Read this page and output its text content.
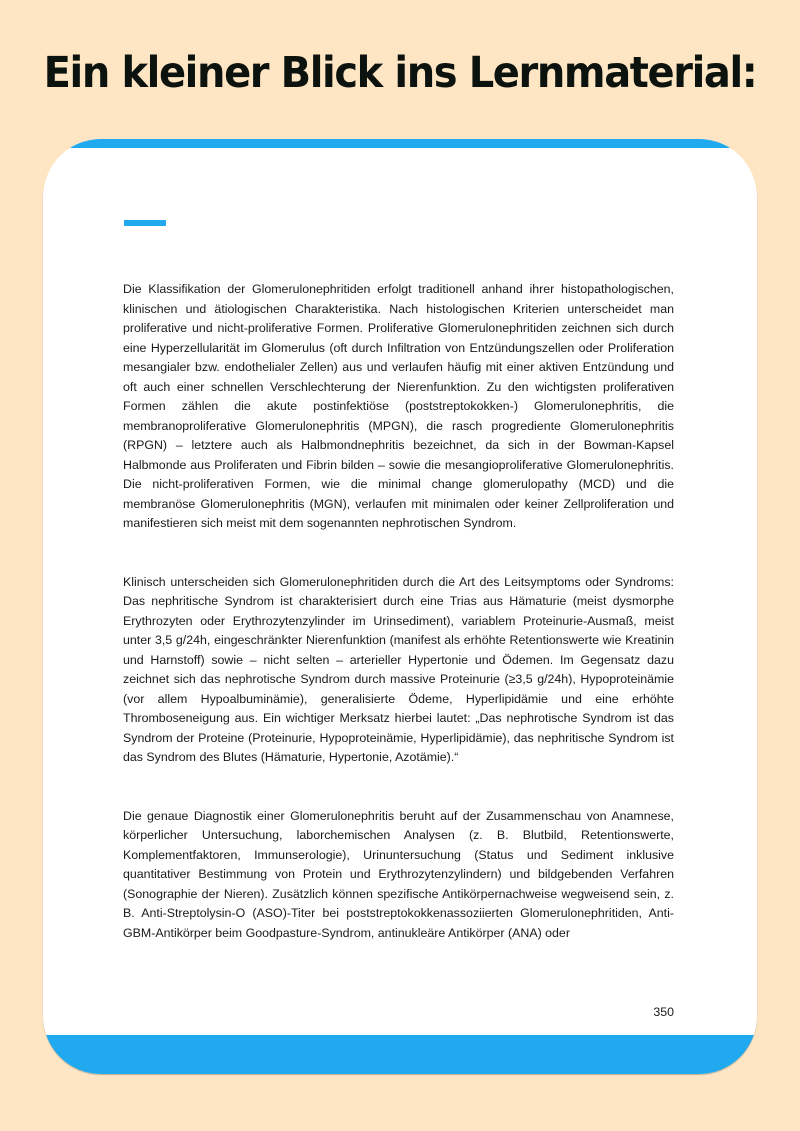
Ein kleiner Blick ins Lernmaterial:

Die Klassifikation der Glomerulonephritiden erfolgt traditionell anhand ihrer histopathologischen, klinischen und ätiologischen Charakteristika. Nach histologischen Kriterien unterscheidet man proliferative und nicht-proliferative Formen. Proliferative Glomerulonephritiden zeichnen sich durch eine Hyperzellularität im Glomerulus (oft durch Infiltration von Entzündungszellen oder Proliferation mesangialer bzw. endothelialer Zellen) aus und verlaufen häufig mit einer aktiven Entzündung und oft auch einer schnellen Verschlechterung der Nierenfunktion. Zu den wichtigsten proliferativen Formen zählen die akute postinfektiöse (poststreptokokken-) Glomerulonephritis, die membranoproliferative Glomerulonephritis (MPGN), die rasch progrediente Glomerulonephritis (RPGN) – letztere auch als Halbmondnephritis bezeichnet, da sich in der Bowman-Kapsel Halbmonde aus Proliferaten und Fibrin bilden – sowie die mesangioproliferative Glomerulonephritis. Die nicht-proliferativen Formen, wie die minimal change glomerulopathy (MCD) und die membranöse Glomerulonephritis (MGN), verlaufen mit minimalen oder keiner Zellproliferation und manifestieren sich meist mit dem sogenannten nephrotischen Syndrom.

Klinisch unterscheiden sich Glomerulonephritiden durch die Art des Leitsymptoms oder Syndroms: Das nephritische Syndrom ist charakterisiert durch eine Trias aus Hämaturie (meist dysmorphe Erythrozyten oder Erythrozytenzylinder im Urinsediment), variablem Proteinurie-Ausmaß, meist unter 3,5 g/24h, eingeschränkter Nierenfunktion (manifest als erhöhte Retentionswerte wie Kreatinin und Harnstoff) sowie – nicht selten – arterieller Hypertonie und Ödemen. Im Gegensatz dazu zeichnet sich das nephrotische Syndrom durch massive Proteinurie (≥3,5 g/24h), Hypoproteinämie (vor allem Hypoalbuminämie), generalisierte Ödeme, Hyperlipidämie und eine erhöhte Thromboseneigung aus. Ein wichtiger Merksatz hierbei lautet: „Das nephrotische Syndrom ist das Syndrom der Proteine (Proteinurie, Hypoproteinämie, Hyperlipidämie), das nephritische Syndrom ist das Syndrom des Blutes (Hämaturie, Hypertonie, Azotämie).“

Die genaue Diagnostik einer Glomerulonephritis beruht auf der Zusammenschau von Anamnese, körperlicher Untersuchung, laborchemischen Analysen (z. B. Blutbild, Retentionswerte, Komplementfaktoren, Immunserologie), Urinuntersuchung (Status und Sediment inklusive quantitativer Bestimmung von Protein und Erythrozytenzylindern) und bildgebenden Verfahren (Sonographie der Nieren). Zusätzlich können spezifische Antikörpernachweise wegweisend sein, z. B. Anti-Streptolysin-O (ASO)-Titer bei poststreptokokkenassoziierten Glomerulonephritiden, Anti-GBM-Antikörper beim Goodpasture-Syndrom, antinukleäre Antikörper (ANA) oder

350
